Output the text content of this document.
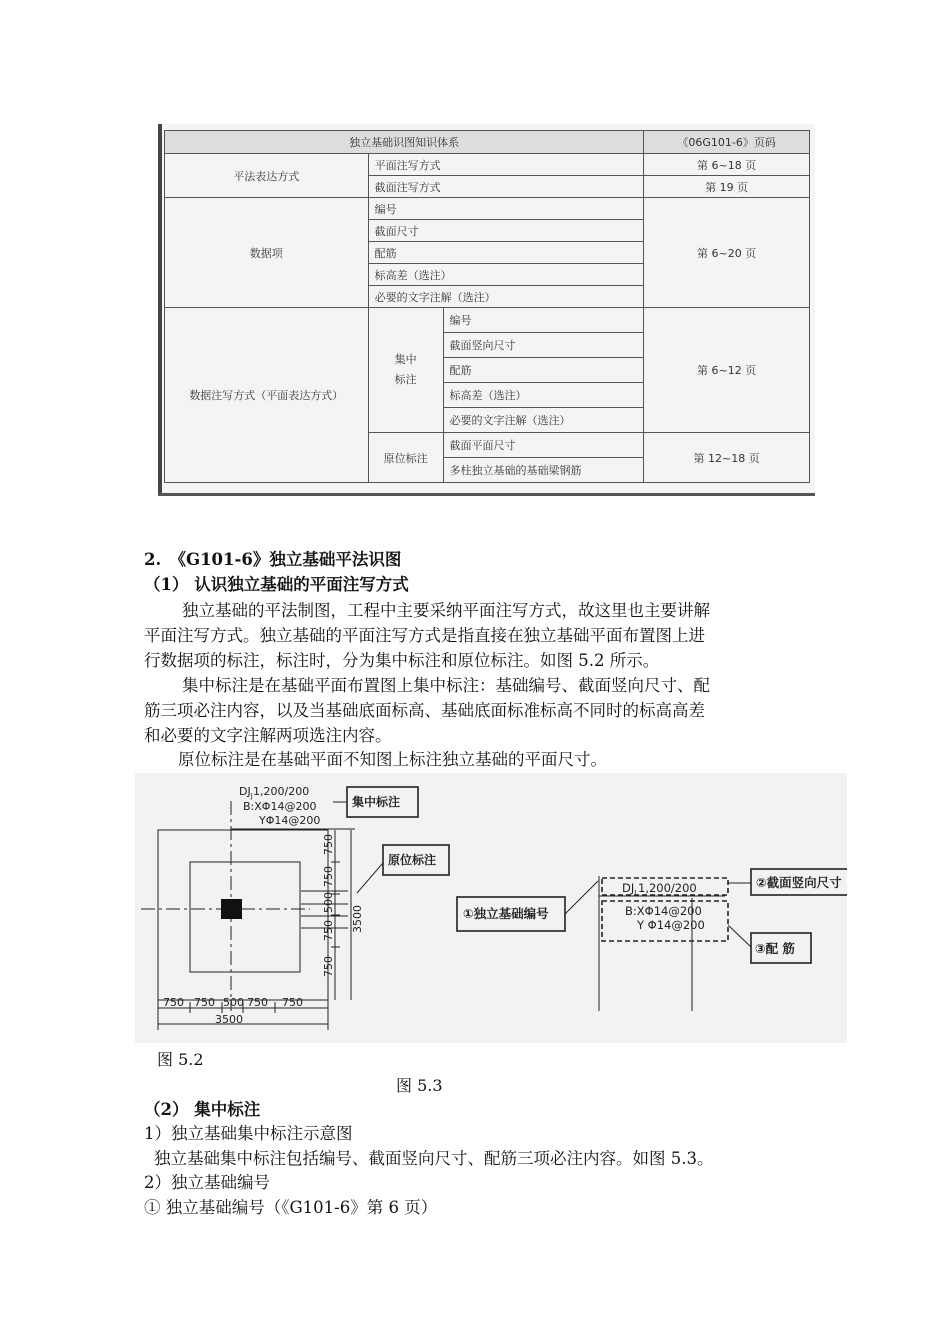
独立基础识图知识体系			《06G101-6》页码
平法表达方式	平面注写方式		第 6~18 页
	截面注写方式		第 19 页
数据项	编号		第 6~20 页
	截面尺寸		
	配筋		
	标高差（选注）		
	必要的文字注解（选注）		
数据注写方式（平面表达方式）	集中标注	编号	第 6~12 页
		截面竖向尺寸	
		配筋	
		标高差（选注）	
		必要的文字注解（选注）	
	原位标注	截面平面尺寸	第 12~18 页
		多柱独立基础的基础梁钢筋	
2.　《G101-6》独立基础平法识图
（1） 认识独立基础的平面注写方式
独立基础的平法制图，工程中主要采纳平面注写方式，故这里也主要讲解
平面注写方式。独立基础的平面注写方式是指直接在独立基础平面布置图上进
行数据项的标注，标注时，分为集中标注和原位标注。如图 5.2 所示。
集中标注是在基础平面布置图上集中标注：基础编号、截面竖向尺寸、配
筋三项必注内容，以及当基础底面标高、基础底面标准标高不同时的标高高差
和必要的文字注解两项选注内容。
原位标注是在基础平面不知图上标注独立基础的平面尺寸。
$DJ_J$ 1,200/200
B:XΦ14@200
YΦ14@200
集中标注
原位标注
750 750 500 750 750
3500
750
750
500
750
750
3500
$DJ_J$ 1,200/200
B:XΦ14@200
Y Φ14@200
①独立基础编号
②截面竖向尺寸
③配 筋
图 5.2
图 5.3
（2） 集中标注
1）独立基础集中标注示意图
独立基础集中标注包括编号、截面竖向尺寸、配筋三项必注内容。如图 5.3。
2）独立基础编号
① 独立基础编号（《G101-6》第 6 页）
